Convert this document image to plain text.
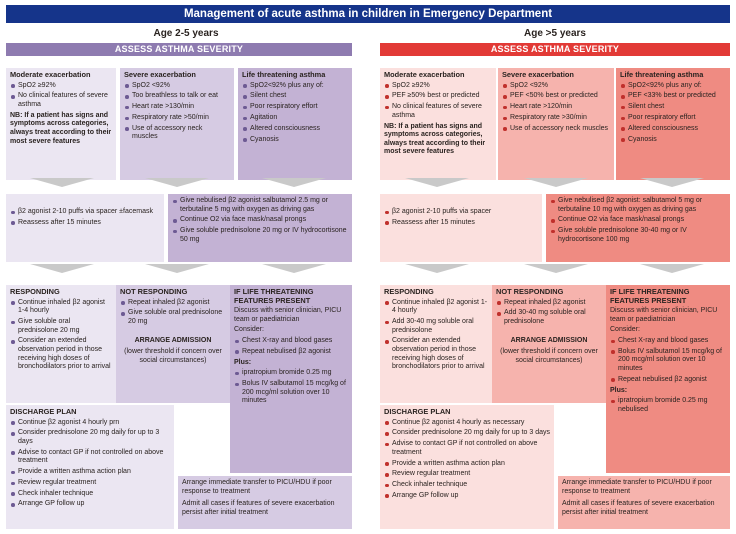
Management of acute asthma in children in Emergency Department
Age 2-5 years
ASSESS ASTHMA SEVERITY
Moderate exacerbation
SpO2 ≥92%
No clinical features of severe asthma
NB: If a patient has signs and symptoms across categories, always treat according to their most severe features
Severe exacerbation
SpO2 <92%
Too breathless to talk or eat
Heart rate >130/min
Respiratory rate >50/min
Use of accessory neck muscles
Life threatening asthma
SpO2<92% plus any of:
Silent chest
Poor respiratory effort
Agitation
Altered consciousness
Cyanosis
β2 agonist 2-10 puffs via spacer ±facemask
Reassess after 15 minutes
Give nebulised β2 agonist salbutamol 2.5 mg or terbutaline 5 mg with oxygen as driving gas
Continue O2 via face mask/nasal prongs
Give soluble prednisolone 20 mg or IV hydrocortisone 50 mg
RESPONDING
Continue inhaled β2 agonist 1-4 hourly
Give soluble oral prednisolone 20 mg
Consider an extended observation period in those receiving high doses of bronchodilators prior to arrival
NOT RESPONDING
Repeat inhaled β2 agonist
Give soluble oral prednisolone 20 mg
ARRANGE ADMISSION

(lower threshold if concern over social circumstances)

IF LIFE THREATENING FEATURES PRESENT

Discuss with senior clinician, PICU team or paediatrician

Consider:

Chest X-ray and blood gases
Repeat nebulised β2 agonist

Plus:

ipratropium bromide 0.25 mg
Bolus IV salbutamol 15 mcg/kg of 200 mcg/ml solution over 10 minutes
DISCHARGE PLAN
Continue β2 agonist 4 hourly prn
Consider prednisolone 20 mg daily for up to 3 days
Advise to contact GP if not controlled on above treatment
Provide a written asthma action plan
Review regular treatment
Check inhaler technique
Arrange GP follow up

Arrange immediate transfer to PICU/HDU if poor response to treatment

Admit all cases if features of severe exacerbation persist after initial treatment

Age >5 years
ASSESS ASTHMA SEVERITY
Moderate exacerbation
SpO2 ≥92%
PEF ≥50% best or predicted
No clinical features of severe asthma
NB: If a patient has signs and symptoms across categories, always treat according to their most severe features
Severe exacerbation
SpO2 <92%
PEF <50% best or predicted
Heart rate >120/min
Respiratory rate >30/min
Use of accessory neck muscles
Life threatening asthma
SpO2<92% plus any of:
PEF <33% best or predicted
Silent chest
Poor respiratory effort
Altered consciousness
Cyanosis
β2 agonist 2-10 puffs via spacer
Reassess after 15 minutes
Give nebulised β2 agonist: salbutamol 5 mg or terbutaline 10 mg with oxygen as driving gas
Continue O2 via face mask/nasal prongs
Give soluble prednisolone 30-40 mg or IV hydrocortisone 100 mg
RESPONDING
Continue inhaled β2 agonist 1-4 hourly
Add 30-40 mg soluble oral prednisolone
Consider an extended observation period in those receiving high doses of bronchodilators prior to arrival
NOT RESPONDING
Repeat inhaled β2 agonist
Add 30-40 mg soluble oral prednisolone
ARRANGE ADMISSION

(lower threshold if concern over social circumstances)

IF LIFE THREATENING FEATURES PRESENT

Discuss with senior clinician, PICU team or paediatrician

Consider:

Chest X-ray and blood gases
Bolus IV salbutamol 15 mcg/kg of 200 mcg/ml solution over 10 minutes
Repeat nebulised β2 agonist

Plus:

ipratropium bromide 0.25 mg nebulised
DISCHARGE PLAN
Continue β2 agonist 4 hourly as necessary
Consider prednisolone 20 mg daily for up to 3 days
Advise to contact GP if not controlled on above treatment
Provide a written asthma action plan
Review regular treatment
Check inhaler technique
Arrange GP follow up

Arrange immediate transfer to PICU/HDU if poor response to treatment

Admit all cases if features of severe exacerbation persist after initial treatment
